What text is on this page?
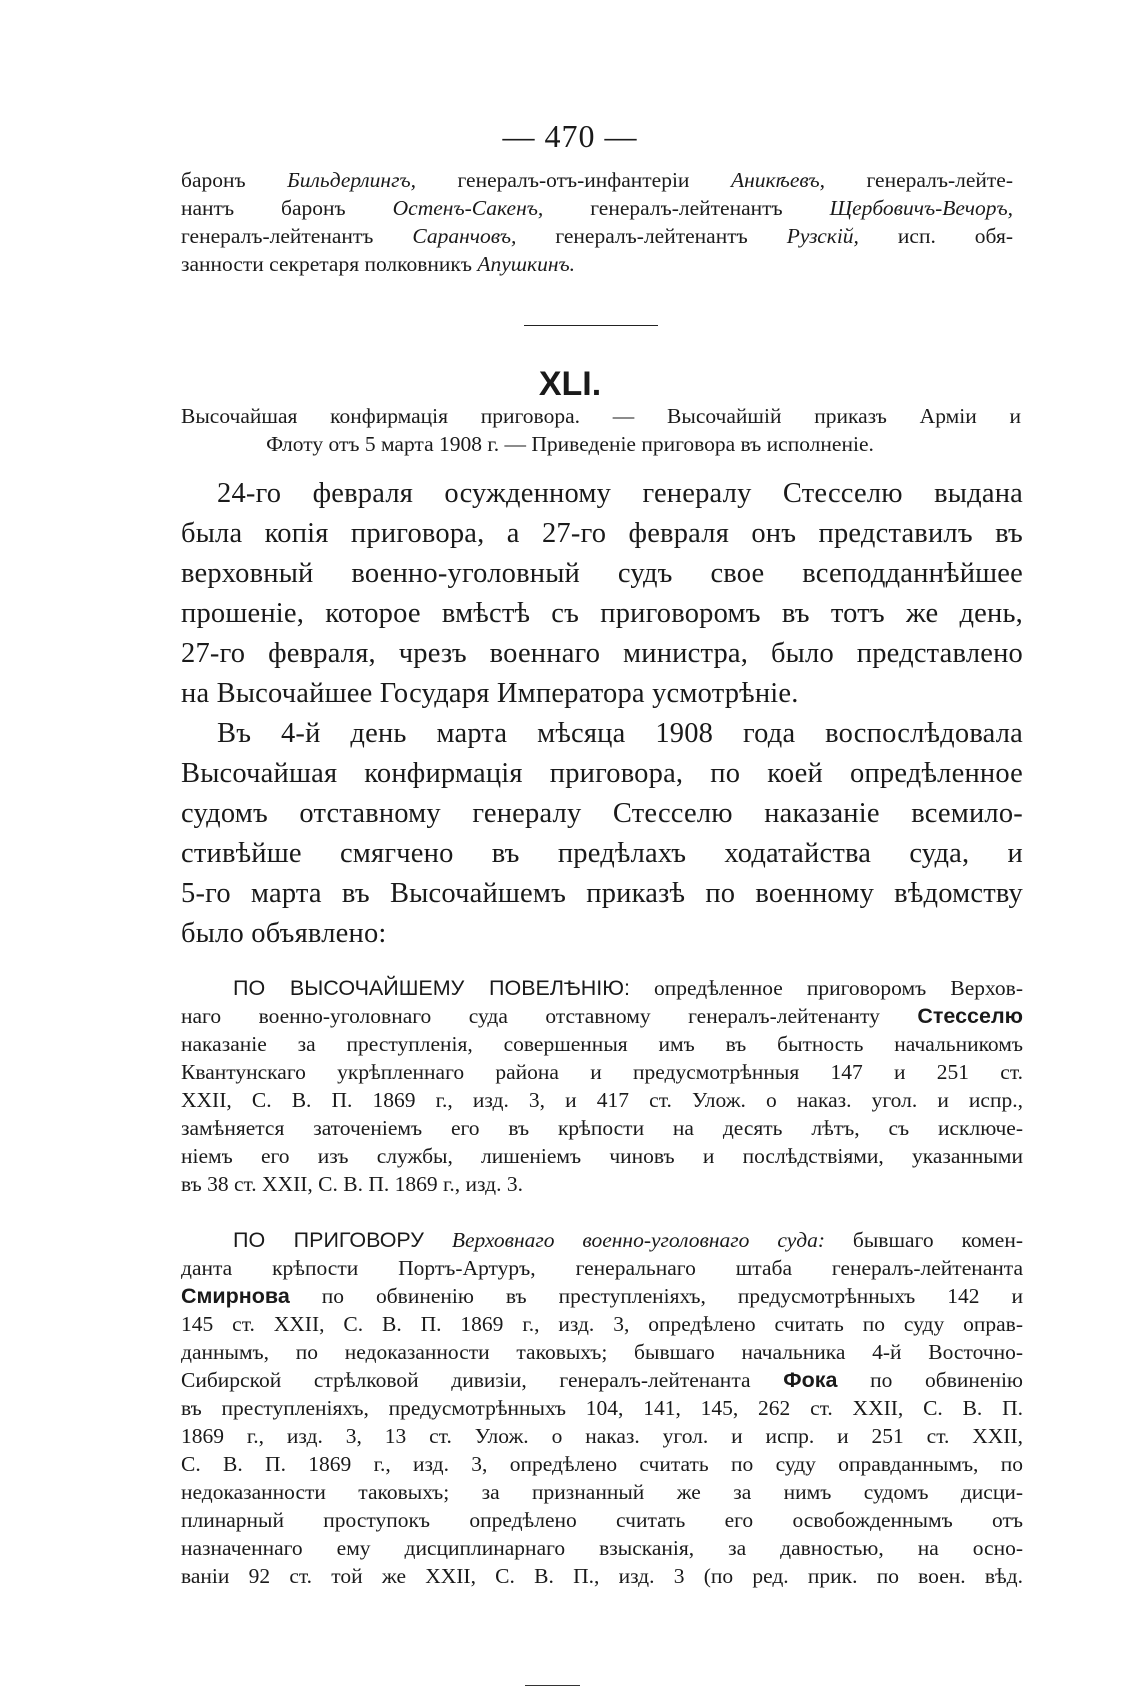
— 470 —
баронъ Бильдерлингъ, генералъ-отъ-инфантеріи Аникѣевъ, генералъ-лейте-
нантъ баронъ Остенъ-Сакенъ, генералъ-лейтенантъ Щербовичъ-Вечоръ,
генералъ-лейтенантъ Саранчовъ, генералъ-лейтенантъ Рузскій, исп. обя-
занности секретаря полковникъ Апушкинъ.
XLI.
Высочайшая конфирмація приговора. — Высочайшій приказъ Арміи и
Флоту отъ 5 марта 1908 г. — Приведеніе приговора въ исполненіе.
24-го февраля осужденному генералу Стесселю выдана
была копія приговора, а 27-го февраля онъ представилъ въ
верховный военно-уголовный судъ свое всеподданнѣйшее
прошеніе, которое вмѣстѣ съ приговоромъ въ тотъ же день,
27-го февраля, чрезъ военнаго министра, было представлено
на Высочайшее Государя Императора усмотрѣніе.
Въ 4-й день марта мѣсяца 1908 года воспослѣдовала
Высочайшая конфирмація приговора, по коей опредѣленное
судомъ отставному генералу Стесселю наказаніе всемило-
стивѣйше смягчено въ предѣлахъ ходатайства суда, и
5-го марта въ Высочайшемъ приказѣ по военному вѣдомству
было объявлено:
ПО ВЫСОЧАЙШЕМУ ПОВЕЛѢНІЮ: опредѣленное приговоромъ Верхов-
наго военно-уголовнаго суда отставному генералъ-лейтенанту Стесселю
наказаніе за преступленія, совершенныя имъ въ бытность начальникомъ
Квантунскаго укрѣпленнаго района и предусмотрѣнныя 147 и 251 ст.
XXII, С. В. П. 1869 г., изд. 3, и 417 ст. Улож. о наказ. угол. и испр.,
замѣняется заточеніемъ его въ крѣпости на десять лѣтъ, съ исключе-
ніемъ его изъ службы, лишеніемъ чиновъ и послѣдствіями, указанными
въ 38 ст. XXII, С. В. П. 1869 г., изд. 3.
ПО ПРИГОВОРУ Верховнаго военно-уголовнаго суда: бывшаго комен-
данта крѣпости Портъ-Артуръ, генеральнаго штаба генералъ-лейтенанта
Смирнова по обвиненію въ преступленіяхъ, предусмотрѣнныхъ 142 и
145 ст. XXII, С. В. П. 1869 г., изд. 3, опредѣлено считать по суду оправ-
даннымъ, по недоказанности таковыхъ; бывшаго начальника 4-й Восточно-
Сибирской стрѣлковой дивизіи, генералъ-лейтенанта Фока по обвиненію
въ преступленіяхъ, предусмотрѣнныхъ 104, 141, 145, 262 ст. XXII, С. В. П.
1869 г., изд. 3, 13 ст. Улож. о наказ. угол. и испр. и 251 ст. XXII,
С. В. П. 1869 г., изд. 3, опредѣлено считать по суду оправданнымъ, по
недоказанности таковыхъ; за признанный же за нимъ судомъ дисци-
плинарный проступокъ опредѣлено считать его освобожденнымъ отъ
назначеннаго ему дисциплинарнаго взысканія, за давностью, на осно-
ваніи 92 ст. той же XXII, С. В. П., изд. 3 (по ред. прик. по воен. вѣд.
